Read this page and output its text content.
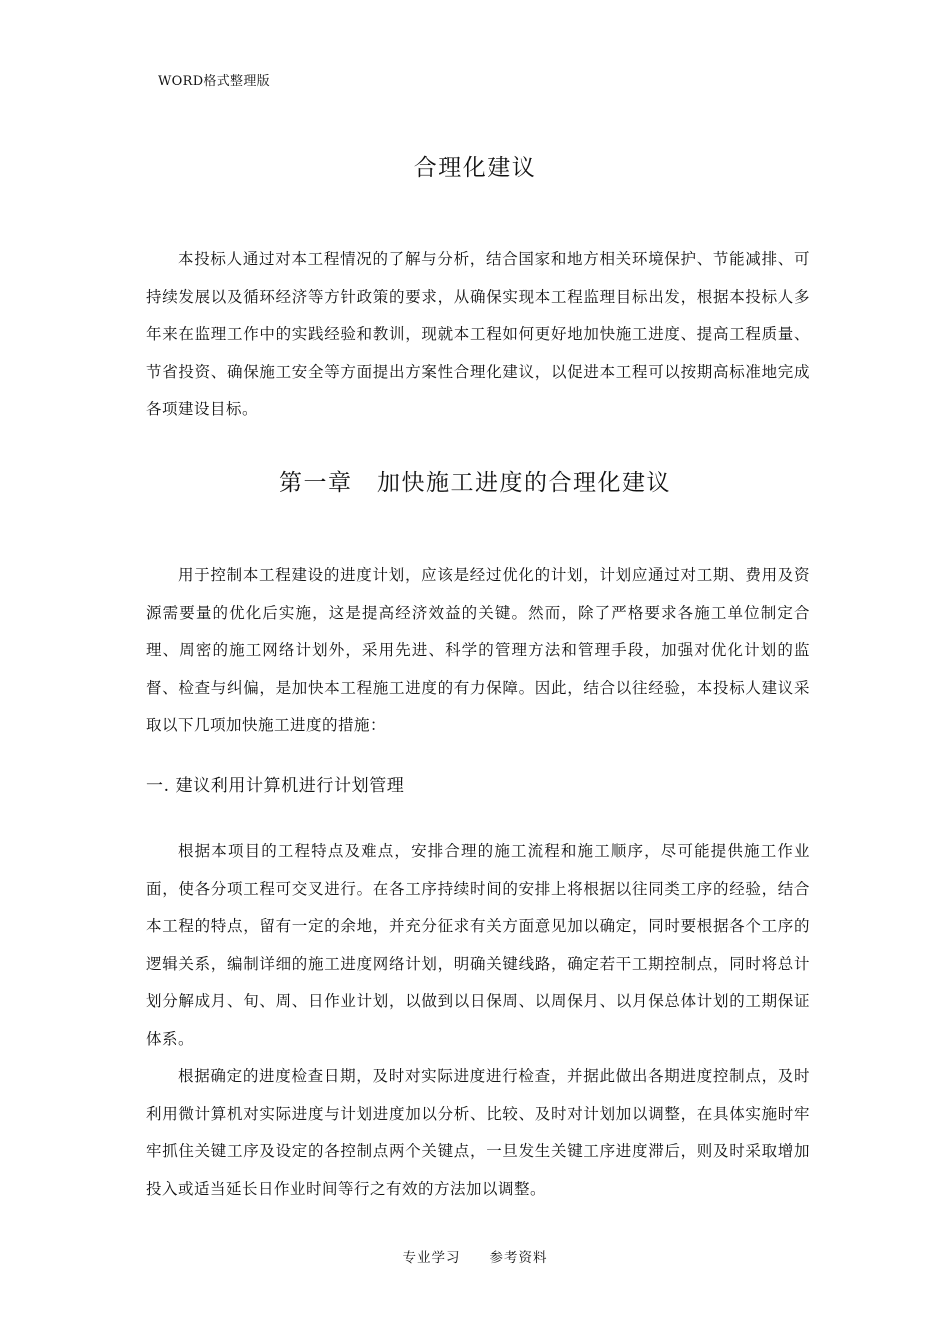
WORD格式整理版
合理化建议

本投标人通过对本工程情况的了解与分析，结合国家和地方相关环境保护、节能减排、可持续发展以及循环经济等方针政策的要求，从确保实现本工程监理目标出发，根据本投标人多年来在监理工作中的实践经验和教训，现就本工程如何更好地加快施工进度、提高工程质量、节省投资、确保施工安全等方面提出方案性合理化建议，以促进本工程可以按期高标准地完成各项建设目标。

第一章　加快施工进度的合理化建议

用于控制本工程建设的进度计划，应该是经过优化的计划，计划应通过对工期、费用及资源需要量的优化后实施，这是提高经济效益的关键。然而，除了严格要求各施工单位制定合理、周密的施工网络计划外，采用先进、科学的管理方法和管理手段，加强对优化计划的监督、检查与纠偏，是加快本工程施工进度的有力保障。因此，结合以往经验，本投标人建议采取以下几项加快施工进度的措施：

一. 建议利用计算机进行计划管理

根据本项目的工程特点及难点，安排合理的施工流程和施工顺序，尽可能提供施工作业面，使各分项工程可交叉进行。在各工序持续时间的安排上将根据以往同类工序的经验，结合本工程的特点，留有一定的余地，并充分征求有关方面意见加以确定，同时要根据各个工序的逻辑关系，编制详细的施工进度网络计划，明确关键线路，确定若干工期控制点，同时将总计划分解成月、旬、周、日作业计划，以做到以日保周、以周保月、以月保总体计划的工期保证体系。

根据确定的进度检查日期，及时对实际进度进行检查，并据此做出各期进度控制点，及时利用微计算机对实际进度与计划进度加以分析、比较、及时对计划加以调整，在具体实施时牢牢抓住关键工序及设定的各控制点两个关键点，一旦发生关键工序进度滞后，则及时采取增加投入或适当延长日作业时间等行之有效的方法加以调整。

专业学习　　参考资料
